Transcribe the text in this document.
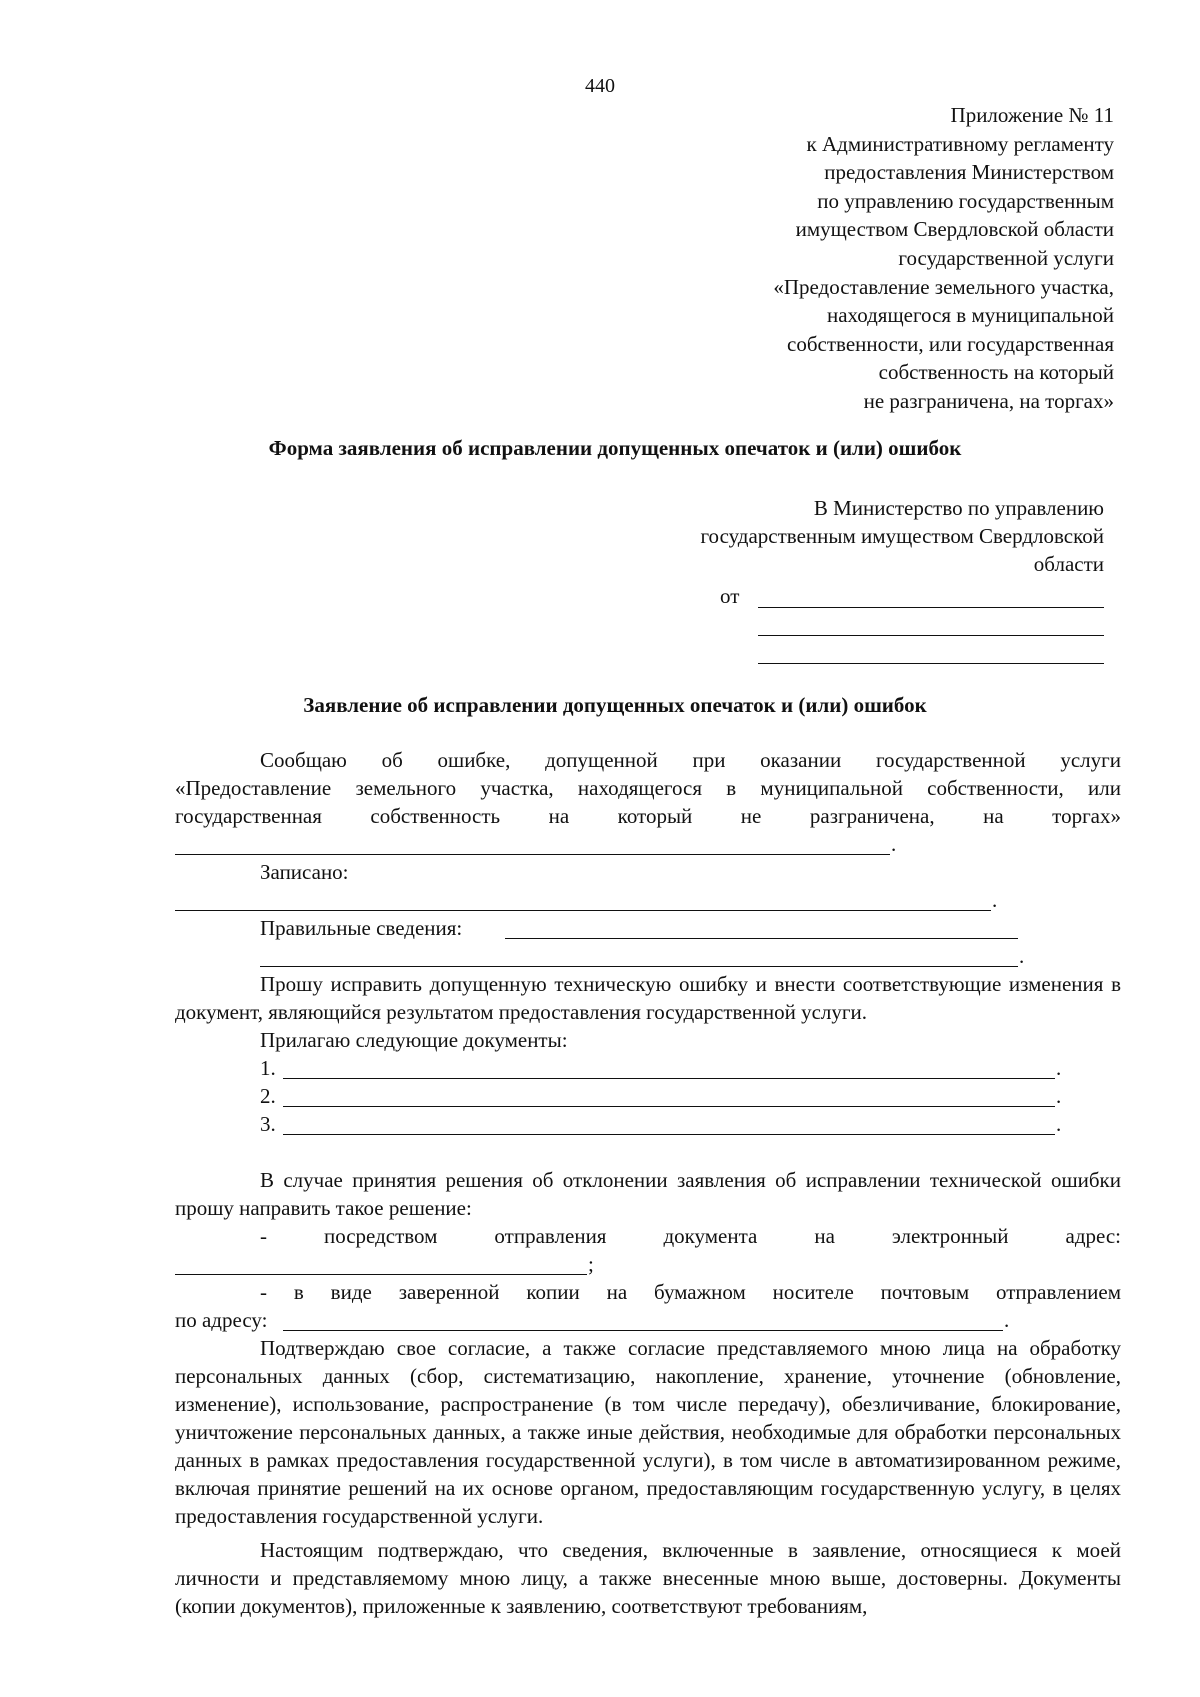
440
Приложение № 11
к Административному регламенту
предоставления Министерством
по управлению государственным
имуществом Свердловской области
государственной услуги
«Предоставление земельного участка,
находящегося в муниципальной
собственности, или государственная
собственность на который
не разграничена, на торгах»
Форма заявления об исправлении допущенных опечаток и (или) ошибок
В Министерство по управлению
государственным имуществом Свердловской
области
от
Заявление об исправлении допущенных опечаток и (или) ошибок
Сообщаю об ошибке, допущенной при оказании государственной услуги
«Предоставление земельного участка, находящегося в муниципальной собственности, или
государственная собственность на который не разграничена, на торгах»
.
Записано:
.
Правильные сведения:
.

Прошу исправить допущенную техническую ошибку и внести соответствующие изменения в документ, являющийся результатом предоставления государственной услуги.

Прилагаю следующие документы:
1.	.
2.	.
3.	.

В случае принятия решения об отклонении заявления об исправлении технической ошибки прошу направить такое решение:

- посредством отправления документа на электронный адрес:
;
- в виде заверенной копии на бумажном носителе почтовым отправлением
по адресу:	.

Подтверждаю свое согласие, а также согласие представляемого мною лица на обработку персональных данных (сбор, систематизацию, накопление, хранение, уточнение (обновление, изменение), использование, распространение (в том числе передачу), обезличивание, блокирование, уничтожение персональных данных, а также иные действия, необходимые для обработки персональных данных в рамках предоставления государственной услуги), в том числе в автоматизированном режиме, включая принятие решений на их основе органом, предоставляющим государственную услугу, в целях предоставления государственной услуги.

Настоящим подтверждаю, что сведения, включенные в заявление, относящиеся к моей личности и представляемому мною лицу, а также внесенные мною выше, достоверны. Документы (копии документов), приложенные к заявлению, соответствуют требованиям,
